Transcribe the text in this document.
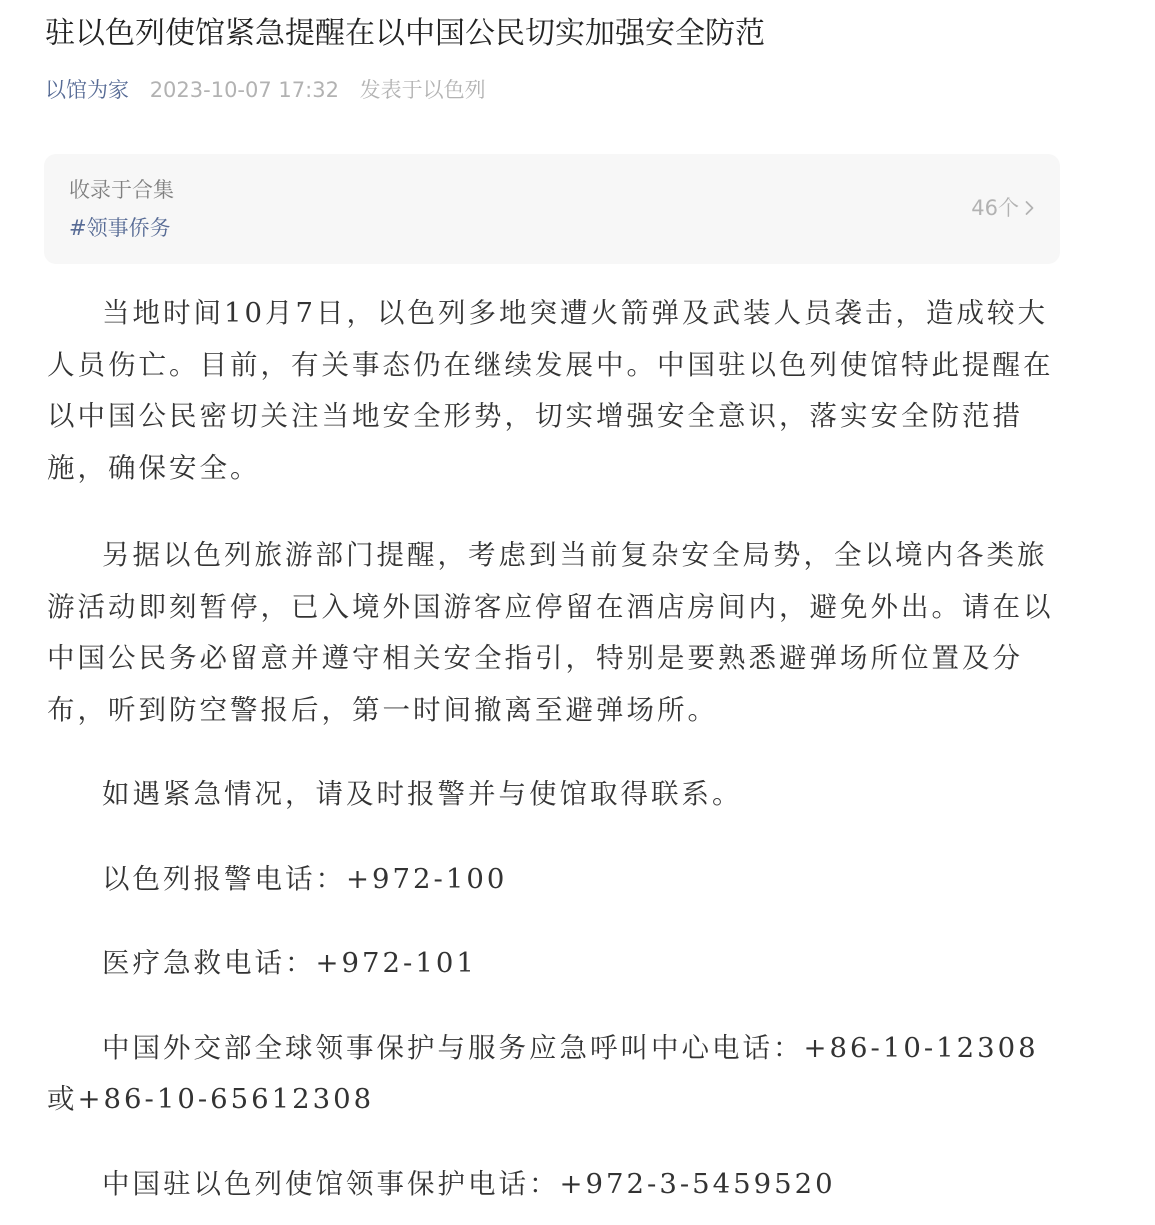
驻以色列使馆紧急提醒在以中国公民切实加强安全防范
以馆为家 2023-10-07 17:32 发表于以色列
收录于合集
#领事侨务
46个

当地时间10月7日，以色列多地突遭火箭弹及武装人员袭击，造成较大人员伤亡。目前，有关事态仍在继续发展中。中国驻以色列使馆特此提醒在以中国公民密切关注当地安全形势，切实增强安全意识，落实安全防范措施，确保安全。

另据以色列旅游部门提醒，考虑到当前复杂安全局势，全以境内各类旅游活动即刻暂停，已入境外国游客应停留在酒店房间内，避免外出。请在以中国公民务必留意并遵守相关安全指引，特别是要熟悉避弹场所位置及分布，听到防空警报后，第一时间撤离至避弹场所。

如遇紧急情况，请及时报警并与使馆取得联系。

以色列报警电话：+972-100

医疗急救电话：+972-101

中国外交部全球领事保护与服务应急呼叫中心电话：+86-10-12308或+86-10-65612308

中国驻以色列使馆领事保护电话：+972-3-5459520
